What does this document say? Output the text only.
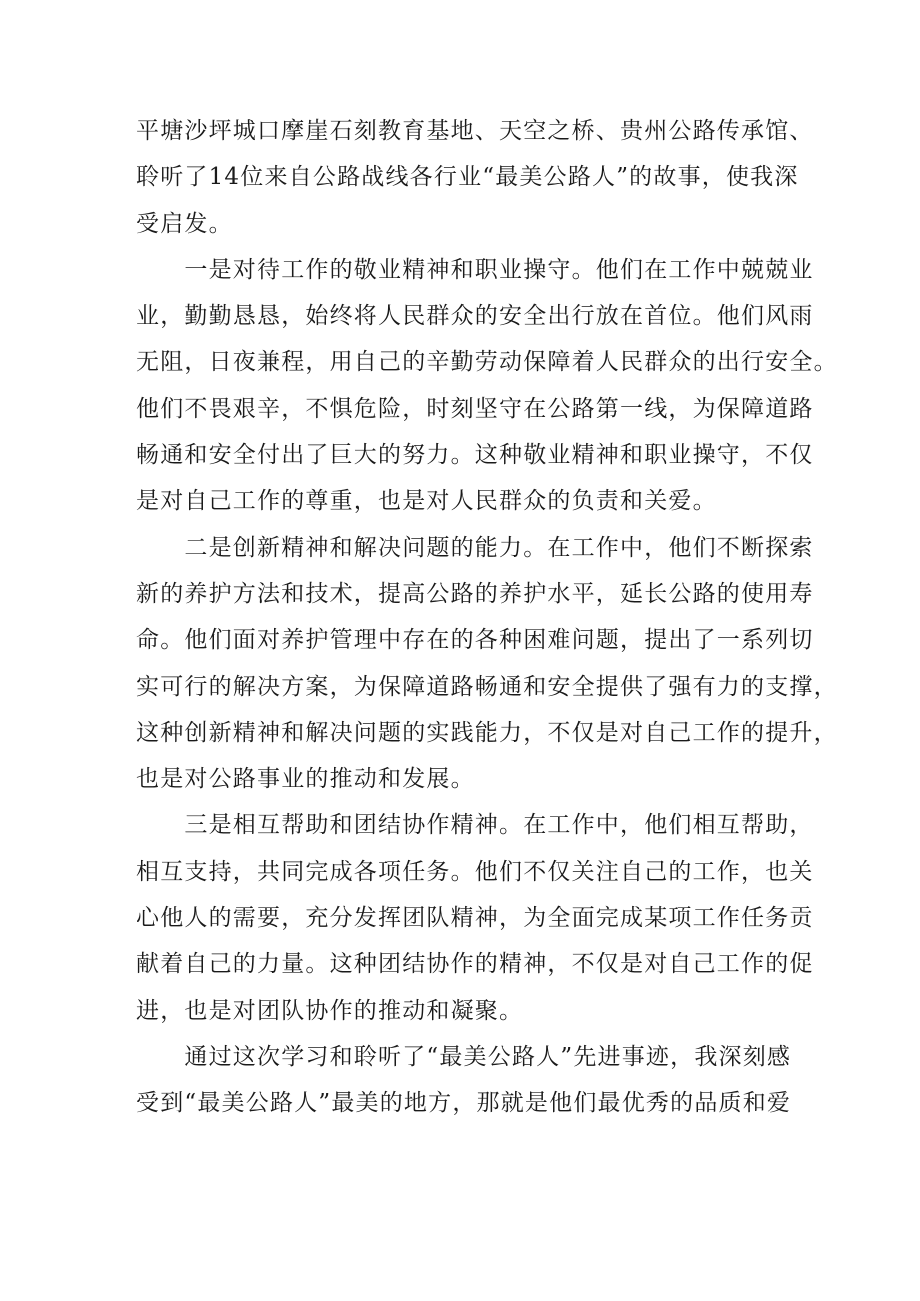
平塘沙坪城口摩崖石刻教育基地、天空之桥、贵州公路传承馆、
聆听了14位来自公路战线各行业“最美公路人”的故事，使我深
受启发。
　　一是对待工作的敬业精神和职业操守。他们在工作中兢兢业
业，勤勤恳恳，始终将人民群众的安全出行放在首位。他们风雨
无阻，日夜兼程，用自己的辛勤劳动保障着人民群众的出行安全。
他们不畏艰辛，不惧危险，时刻坚守在公路第一线，为保障道路
畅通和安全付出了巨大的努力。这种敬业精神和职业操守，不仅
是对自己工作的尊重，也是对人民群众的负责和关爱。
　　二是创新精神和解决问题的能力。在工作中，他们不断探索
新的养护方法和技术，提高公路的养护水平，延长公路的使用寿
命。他们面对养护管理中存在的各种困难问题，提出了一系列切
实可行的解决方案，为保障道路畅通和安全提供了强有力的支撑，
这种创新精神和解决问题的实践能力，不仅是对自己工作的提升，
也是对公路事业的推动和发展。
　　三是相互帮助和团结协作精神。在工作中，他们相互帮助，
相互支持，共同完成各项任务。他们不仅关注自己的工作，也关
心他人的需要，充分发挥团队精神，为全面完成某项工作任务贡
献着自己的力量。这种团结协作的精神，不仅是对自己工作的促
进，也是对团队协作的推动和凝聚。
　　通过这次学习和聆听了“最美公路人”先进事迹，我深刻感
受到“最美公路人”最美的地方，那就是他们最优秀的品质和爱
